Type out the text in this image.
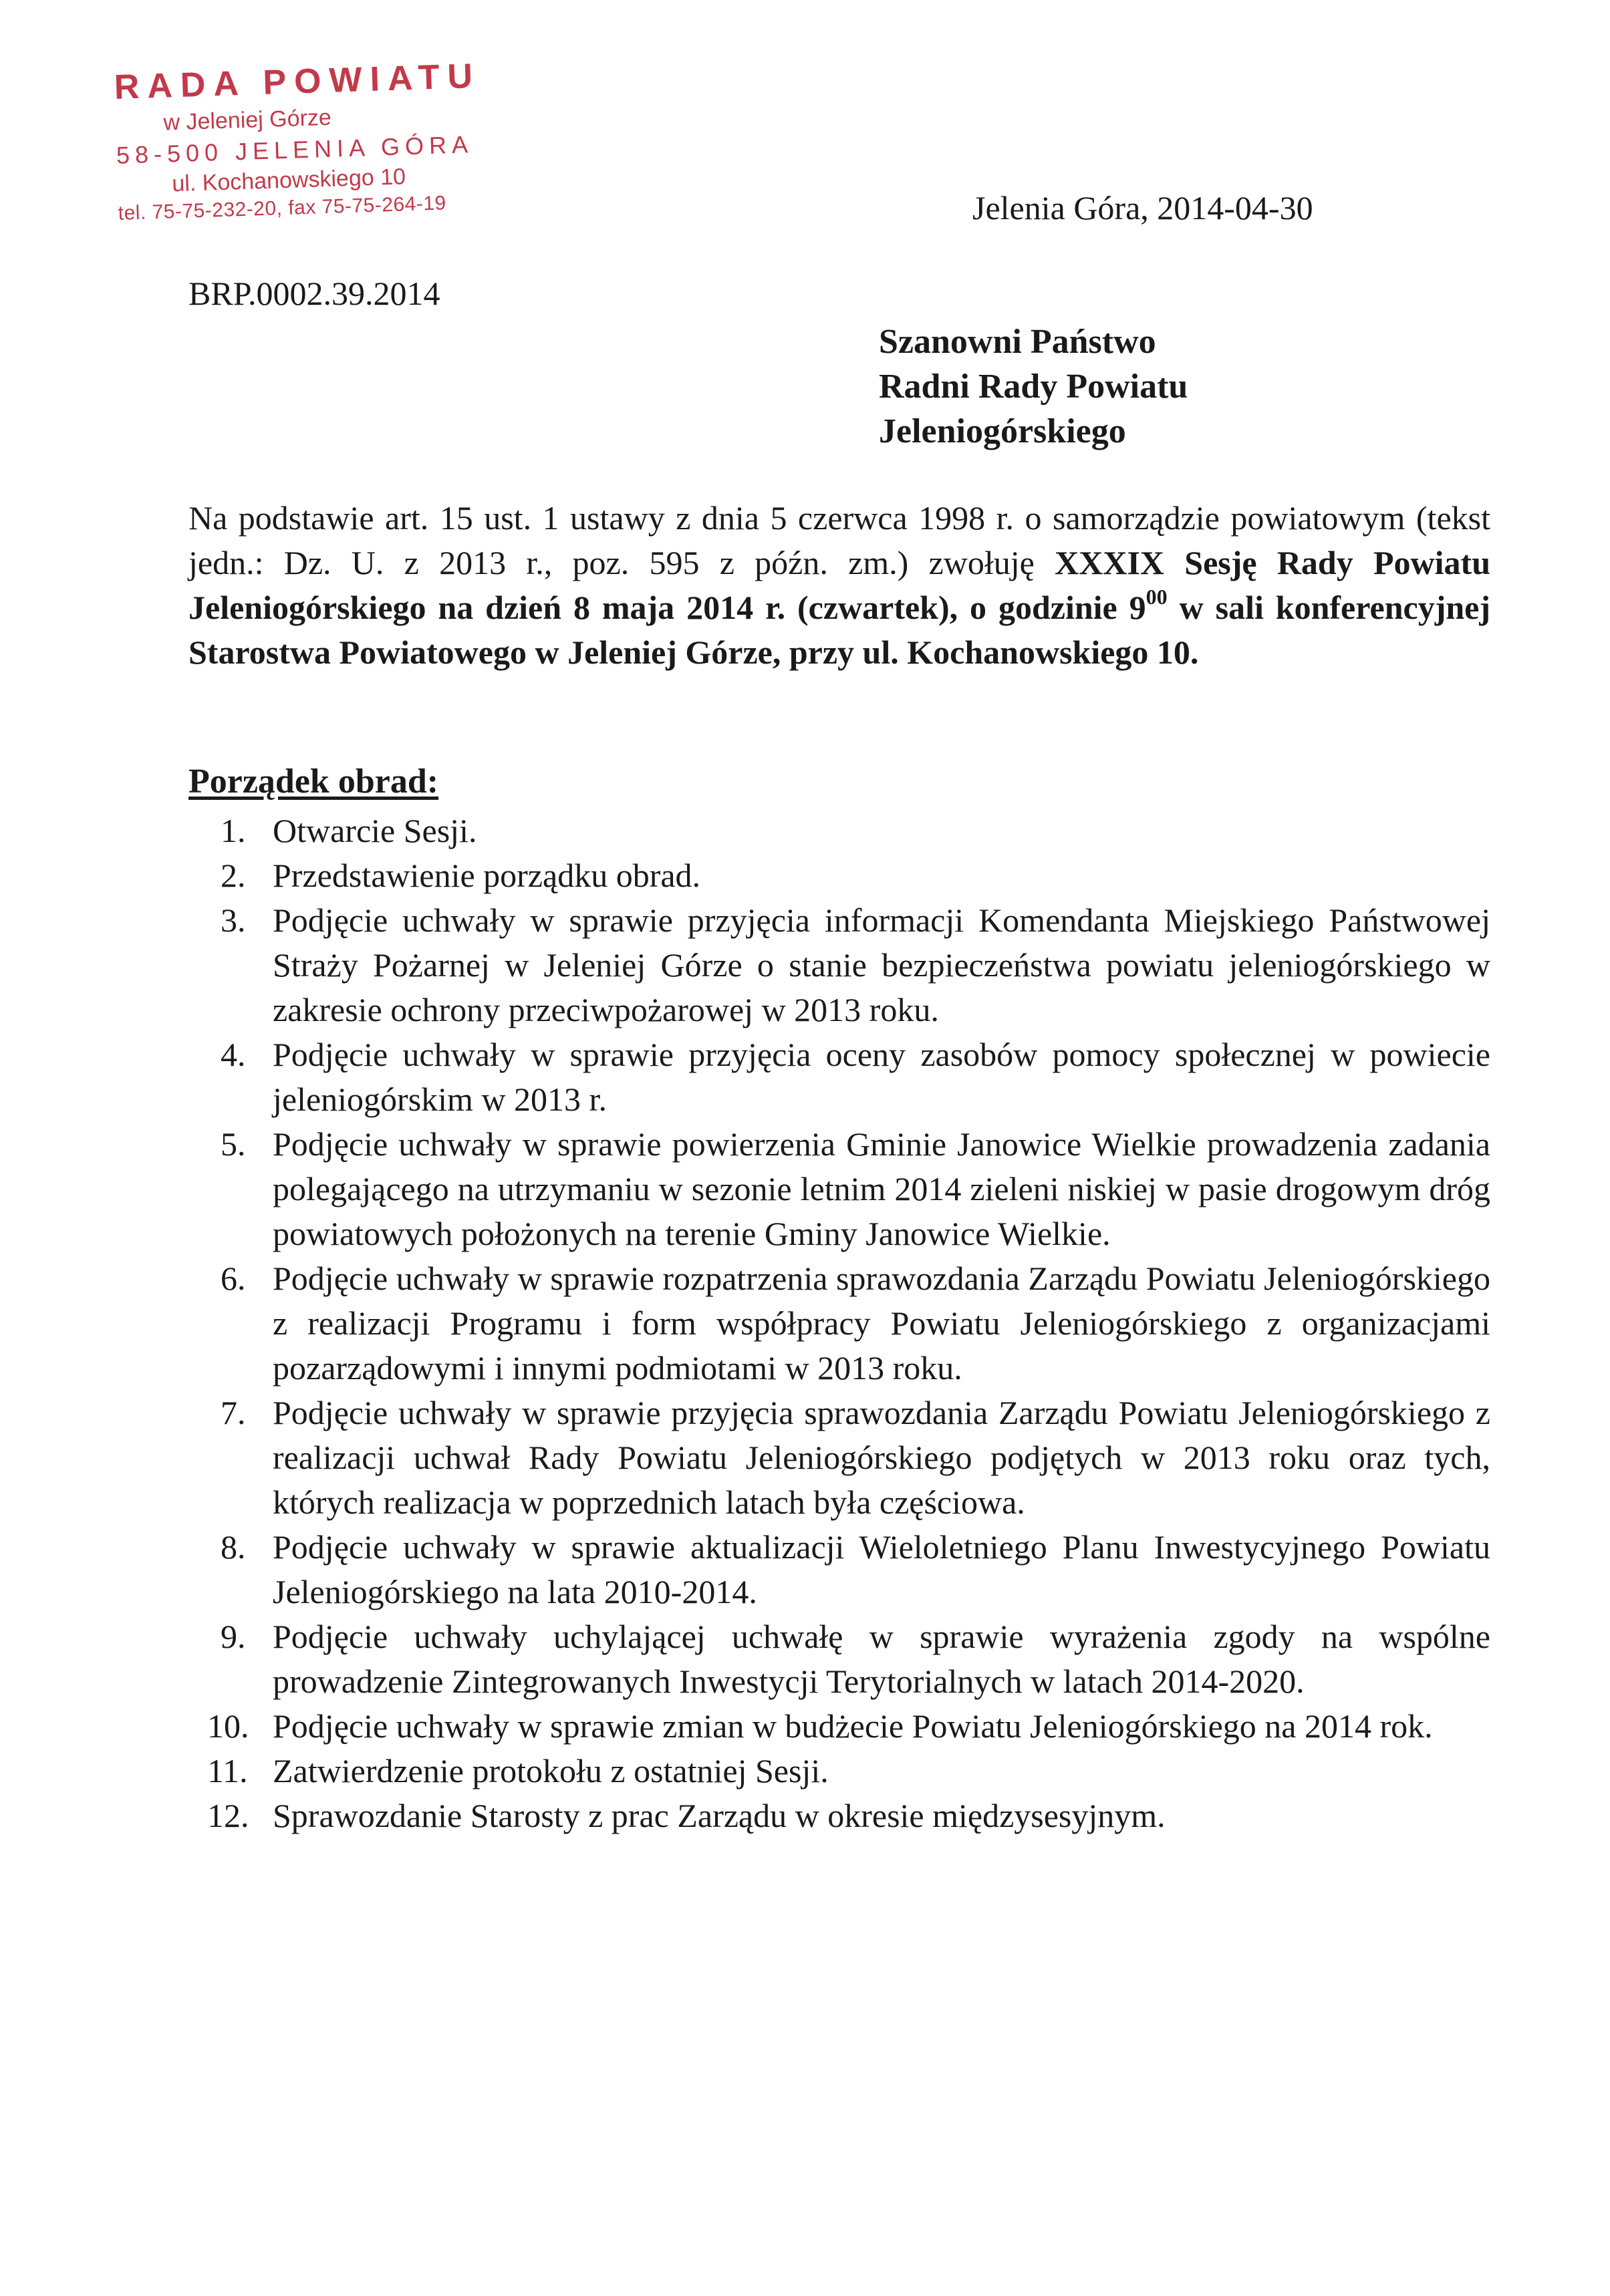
RADA POWIATU
w Jeleniej Górze
58-500 JELENIA GÓRA
ul. Kochanowskiego 10
tel. 75-75-232-20, fax 75-75-264-19	Jelenia Góra, 2014-04-30
BRP.0002.39.2014
Szanowni Państwo
Radni Rady Powiatu
Jeleniogórskiego
Na podstawie art. 15 ust. 1 ustawy z dnia 5 czerwca 1998 r. o samorządzie powiatowym (tekst jedn.: Dz. U. z 2013 r., poz. 595 z późn. zm.) zwołuję XXXIX Sesję Rady Powiatu Jeleniogórskiego na dzień 8 maja 2014 r. (czwartek), o godzinie $9^{00}$ w sali konferencyjnej Starostwa Powiatowego w Jeleniej Górze, przy ul. Kochanowskiego 10.
Porządek obrad:
1. Otwarcie Sesji.
2. Przedstawienie porządku obrad.
3. Podjęcie uchwały w sprawie przyjęcia informacji Komendanta Miejskiego Państwowej Straży Pożarnej w Jeleniej Górze o stanie bezpieczeństwa powiatu jeleniogórskiego w zakresie ochrony przeciwpożarowej w 2013 roku.
4. Podjęcie uchwały w sprawie przyjęcia oceny zasobów pomocy społecznej w powiecie jeleniogórskim w 2013 r.
5. Podjęcie uchwały w sprawie powierzenia Gminie Janowice Wielkie prowadzenia zadania polegającego na utrzymaniu w sezonie letnim 2014 zieleni niskiej w pasie drogowym dróg powiatowych położonych na terenie Gminy Janowice Wielkie.
6. Podjęcie uchwały w sprawie rozpatrzenia sprawozdania Zarządu Powiatu Jeleniogórskiego z realizacji Programu i form współpracy Powiatu Jeleniogórskiego z organizacjami pozarządowymi i innymi podmiotami w 2013 roku.
7. Podjęcie uchwały w sprawie przyjęcia sprawozdania Zarządu Powiatu Jeleniogórskiego z realizacji uchwał Rady Powiatu Jeleniogórskiego podjętych w 2013 roku oraz tych, których realizacja w poprzednich latach była częściowa.
8. Podjęcie uchwały w sprawie aktualizacji Wieloletniego Planu Inwestycyjnego Powiatu Jeleniogórskiego na lata 2010-2014.
9. Podjęcie uchwały uchylającej uchwałę w sprawie wyrażenia zgody na wspólne prowadzenie Zintegrowanych Inwestycji Terytorialnych w latach 2014-2020.
10. Podjęcie uchwały w sprawie zmian w budżecie Powiatu Jeleniogórskiego na 2014 rok.
11. Zatwierdzenie protokołu z ostatniej Sesji.
12. Sprawozdanie Starosty z prac Zarządu w okresie międzysesyjnym.
